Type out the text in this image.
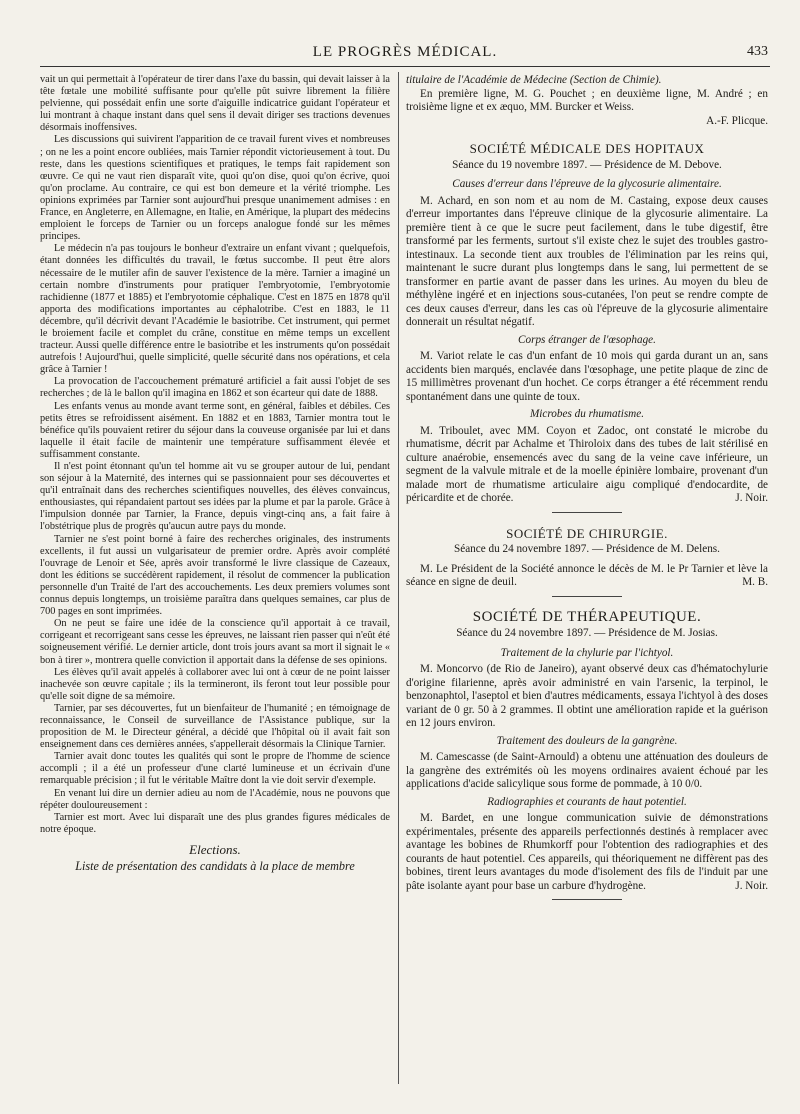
LE PROGRÈS MÉDICAL.	433

vait un qui permettait à l'opérateur de tirer dans l'axe du bassin, qui devait laisser à la tête fœtale une mobilité suffisante pour qu'elle pût suivre librement la filière pelvienne, qui possédait enfin une sorte d'aiguille indicatrice guidant l'opérateur et lui montrant à chaque instant dans quel sens il devait diriger ses tractions devenues désormais inoffensives.

Les discussions qui suivirent l'apparition de ce travail furent vives et nombreuses ; on ne les a point encore oubliées, mais Tarnier répondit victorieusement à tout. Du reste, dans les questions scientifiques et pratiques, le temps fait rapidement son œuvre. Ce qui ne vaut rien disparaît vite, quoi qu'on dise, quoi qu'on écrive, quoi qu'on proclame. Au contraire, ce qui est bon demeure et la vérité triomphe. Les opinions exprimées par Tarnier sont aujourd'hui presque unanimement admises : en France, en Angleterre, en Allemagne, en Italie, en Amérique, la plupart des médecins emploient le forceps de Tarnier ou un forceps analogue fondé sur les mêmes principes.

Le médecin n'a pas toujours le bonheur d'extraire un enfant vivant ; quelquefois, étant données les difficultés du travail, le fœtus succombe. Il peut être alors nécessaire de le mutiler afin de sauver l'existence de la mère. Tarnier a imaginé un certain nombre d'instruments pour pratiquer l'embryotomie, l'embryotomie rachidienne (1877 et 1885) et l'embryotomie céphalique. C'est en 1875 en 1878 qu'il apporta des modifications importantes au céphalotribe. C'est en 1883, le 11 décembre, qu'il décrivit devant l'Académie le basiotribe. Cet instrument, qui permet le broiement facile et complet du crâne, constitue en même temps un excellent tracteur. Aussi quelle différence entre le basiotribe et les instruments qu'on possédait autrefois ! Aujourd'hui, quelle simplicité, quelle sécurité dans nos opérations, et cela grâce à Tarnier !

La provocation de l'accouchement prématuré artificiel a fait aussi l'objet de ses recherches ; de là le ballon qu'il imagina en 1862 et son écarteur qui date de 1888.

Les enfants venus au monde avant terme sont, en général, faibles et débiles. Ces petits êtres se refroidissent aisément. En 1882 et en 1883, Tarnier montra tout le bénéfice qu'ils pouvaient retirer du séjour dans la couveuse organisée par lui et dans laquelle il était facile de maintenir une température suffisamment élevée et suffisamment constante.

Il n'est point étonnant qu'un tel homme ait vu se grouper autour de lui, pendant son séjour à la Maternité, des internes qui se passionnaient pour ses découvertes et qu'il entraînait dans des recherches scientifiques nouvelles, des élèves convaincus, enthousiastes, qui répandaient partout ses idées par la plume et par la parole. Grâce à l'impulsion donnée par Tarnier, la France, depuis vingt-cinq ans, a fait faire à l'obstétrique plus de progrès qu'aucun autre pays du monde.

Tarnier ne s'est point borné à faire des recherches originales, des instruments excellents, il fut aussi un vulgarisateur de premier ordre. Après avoir complété l'ouvrage de Lenoir et Sée, après avoir transformé le livre classique de Cazeaux, dont les éditions se succédèrent rapidement, il résolut de commencer la publication personnelle d'un Traité de l'art des accouchements. Les deux premiers volumes sont connus depuis longtemps, un troisième paraîtra dans quelques semaines, car plus de 700 pages en sont imprimées.

On ne peut se faire une idée de la conscience qu'il apportait à ce travail, corrigeant et recorrigeant sans cesse les épreuves, ne laissant rien passer qui n'eût été soigneusement vérifié. Le dernier article, dont trois jours avant sa mort il signait le « bon à tirer », montrera quelle conviction il apportait dans la défense de ses opinions.

Les élèves qu'il avait appelés à collaborer avec lui ont à cœur de ne point laisser inachevée son œuvre capitale ; ils la termineront, ils feront tout leur possible pour qu'elle soit digne de sa mémoire.

Tarnier, par ses découvertes, fut un bienfaiteur de l'humanité ; en témoignage de reconnaissance, le Conseil de surveillance de l'Assistance publique, sur la proposition de M. le Directeur général, a décidé que l'hôpital où il avait fait son enseignement dans ces dernières années, s'appellerait désormais la Clinique Tarnier.

Tarnier avait donc toutes les qualités qui sont le propre de l'homme de science accompli ; il a été un professeur d'une clarté lumineuse et un écrivain d'une remarquable précision ; il fut le véritable Maître dont la vie doit servir d'exemple.

En venant lui dire un dernier adieu au nom de l'Académie, nous ne pouvons que répéter douloureusement :

Tarnier est mort. Avec lui disparaît une des plus grandes figures médicales de notre époque.

Elections.
Liste de présentation des candidats à la place de membre

titulaire de l'Académie de Médecine (Section de Chimie).

En première ligne, M. G. Pouchet ; en deuxième ligne, M. André ; en troisième ligne et ex æquo, MM. Burcker et Weiss.

A.-F. Plicque.
SOCIÉTÉ MÉDICALE DES HOPITAUX
Séance du 19 novembre 1897. — Présidence de M. Debove.
Causes d'erreur dans l'épreuve de la glycosurie alimentaire.

M. Achard, en son nom et au nom de M. Castaing, expose deux causes d'erreur importantes dans l'épreuve clinique de la glycosurie alimentaire. La première tient à ce que le sucre peut facilement, dans le tube digestif, être transformé par les ferments, surtout s'il existe chez le sujet des troubles gastro-intestinaux. La seconde tient aux troubles de l'élimination par les reins qui, maintenant le sucre durant plus longtemps dans le sang, lui permettent de se transformer en partie avant de passer dans les urines. Au moyen du bleu de méthylène ingéré et en injections sous-cutanées, l'on peut se rendre compte de ces deux causes d'erreur, dans les cas où l'épreuve de la glycosurie alimentaire donnerait un résultat négatif.

Corps étranger de l'œsophage.

M. Variot relate le cas d'un enfant de 10 mois qui garda durant un an, sans accidents bien marqués, enclavée dans l'œsophage, une petite plaque de zinc de 15 millimètres provenant d'un hochet. Ce corps étranger a été récemment rendu spontanément dans une quinte de toux.

Microbes du rhumatisme.

M. Triboulet, avec MM. Coyon et Zadoc, ont constaté le microbe du rhumatisme, décrit par Achalme et Thiroloix dans des tubes de lait stérilisé en culture anaérobie, ensemencés avec du sang de la veine cave inférieure, un segment de la valvule mitrale et de la moelle épinière lombaire, provenant d'un malade mort de rhumatisme articulaire aigu compliqué d'endocardite, de péricardite et de chorée.	J. Noir.

SOCIÉTÉ DE CHIRURGIE.
Séance du 24 novembre 1897. — Présidence de M. Delens.

M. Le Président de la Société annonce le décès de M. le Pr Tarnier et lève la séance en signe de deuil.	M. B.

SOCIÉTÉ DE THÉRAPEUTIQUE.
Séance du 24 novembre 1897. — Présidence de M. Josias.
Traitement de la chylurie par l'ichtyol.

M. Moncorvo (de Rio de Janeiro), ayant observé deux cas d'hématochylurie d'origine filarienne, après avoir administré en vain l'arsenic, la terpinol, le benzonaphtol, l'aseptol et bien d'autres médicaments, essaya l'ichtyol à des doses variant de 0 gr. 50 à 2 grammes. Il obtint une amélioration rapide et la guérison en 12 jours environ.

Traitement des douleurs de la gangrène.

M. Camescasse (de Saint-Arnould) a obtenu une atténuation des douleurs de la gangrène des extrémités où les moyens ordinaires avaient échoué par les applications d'acide salicylique sous forme de pommade, à 10 0/0.

Radiographies et courants de haut potentiel.

M. Bardet, en une longue communication suivie de démonstrations expérimentales, présente des appareils perfectionnés destinés à remplacer avec avantage les bobines de Rhumkorff pour l'obtention des radiographies et des courants de haut potentiel. Ces appareils, qui théoriquement ne diffèrent pas des bobines, tirent leurs avantages du mode d'isolement des fils de l'induit par une pâte isolante ayant pour base un carbure d'hydrogène.	J. Noir.
